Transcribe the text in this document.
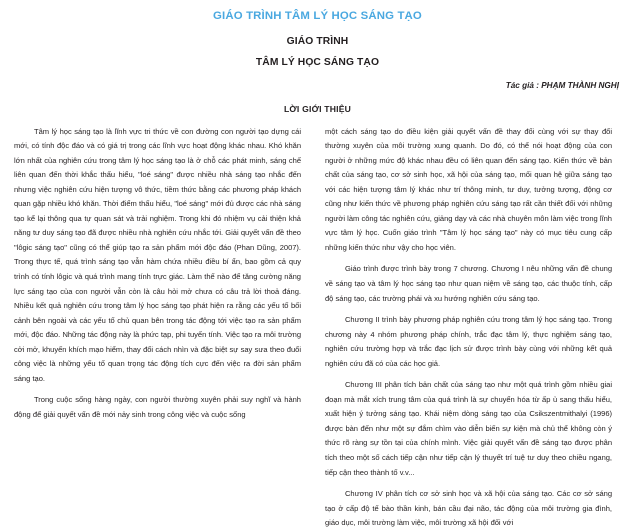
GIÁO TRÌNH TÂM LÝ HỌC SÁNG TẠO
GIÁO TRÌNH
TÂM LÝ HỌC SÁNG TẠO
Tác giả : PHẠM THÀNH NGHỊ
LỜI GIỚI THIỆU

Tâm lý học sáng tạo là lĩnh vực tri thức về con đường con người tạo dựng cái mới, có tính độc đáo và có giá trị trong các lĩnh vực hoạt động khác nhau. Khó khăn lớn nhất của nghiên cứu trong tâm lý học sáng tạo là ở chỗ các phát minh, sáng chế liên quan đến thời khắc thấu hiểu, "loé sáng" được nhiều nhà sáng tạo nhắc đến nhưng việc nghiên cứu hiện tượng vô thức, tiềm thức bằng các phương pháp khách quan gặp nhiều khó khăn. Thời điểm thấu hiểu, "loé sáng" mới đủ được các nhà sáng tạo kể lại thông qua tự quan sát và trải nghiệm. Trong khi đó nhiệm vụ cải thiện khả năng tư duy sáng tạo đã được nhiều nhà nghiên cứu nhắc tới. Giải quyết vấn đề theo "lôgic sáng tạo" cũng có thể giúp tạo ra sản phẩm mới độc đáo (Phan Dũng, 2007). Trong thực tế, quá trình sáng tạo vẫn hàm chứa nhiều điều bí ẩn, bao gồm cả quy trình có tính lôgic và quá trình mang tính trực giác. Làm thế nào để tăng cường năng lực sáng tạo của con người vẫn còn là câu hỏi mở chưa có câu trả lời thoả đáng. Nhiều kết quả nghiên cứu trong tâm lý học sáng tạo phát hiện ra rằng các yếu tố bối cảnh bên ngoài và các yếu tố chủ quan bên trong tác động tới việc tạo ra sản phẩm mới, độc đáo. Những tác động này là phức tạp, phi tuyến tính. Việc tạo ra môi trường cởi mở, khuyến khích mạo hiểm, thay đổi cách nhìn và đặc biệt sự say sưa theo đuổi công việc là những yếu tố quan trọng tác động tích cực đến việc ra đời sản phẩm sáng tạo.

Trong cuộc sống hàng ngày, con người thường xuyên phải suy nghĩ và hành động để giải quyết vấn đề mới nảy sinh trong công việc và cuộc sống

một cách sáng tạo do điều kiện giải quyết vấn đề thay đổi cùng với sự thay đổi thường xuyên của môi trường xung quanh. Do đó, có thể nói hoạt động của con người ở những mức độ khác nhau đều có liên quan đến sáng tạo. Kiến thức về bản chất của sáng tạo, cơ sở sinh học, xã hội của sáng tạo, mối quan hệ giữa sáng tạo với các hiện tượng tâm lý khác như trí thông minh, tư duy, tưởng tượng, động cơ cũng như kiến thức về phương pháp nghiên cứu sáng tạo rất cần thiết đối với những người làm công tác nghiên cứu, giảng dạy và các nhà chuyên môn làm việc trong lĩnh vực tâm lý học. Cuốn giáo trình "Tâm lý học sáng tạo" này có mục tiêu cung cấp những kiến thức như vậy cho học viên.

Giáo trình được trình bày trong 7 chương. Chương I nêu những vấn đề chung về sáng tạo và tâm lý học sáng tạo như quan niệm về sáng tạo, các thuộc tính, cấp độ sáng tạo, các trường phái và xu hướng nghiên cứu sáng tạo.

Chương II trình bày phương pháp nghiên cứu trong tâm lý học sáng tạo. Trong chương này 4 nhóm phương pháp chính, trắc đạc tâm lý, thực nghiệm sáng tạo, nghiên cứu trường hợp và trắc đạc lịch sử được trình bày cùng với những kết quả nghiên cứu đã có của các học giả.

Chương III phân tích bản chất của sáng tạo như một quá trình gồm nhiều giai đoạn mà mắt xích trung tâm của quá trình là sự chuyển hóa từ ấp ủ sang thấu hiểu, xuất hiện ý tưởng sáng tạo. Khái niệm dòng sáng tạo của Csikszentmithalyi (1996) được bàn đến như một sự đắm chìm vào diễn biến sự kiện mà chủ thể không còn ý thức rõ ràng sự tồn tại của chính mình. Việc giải quyết vấn đề sáng tạo được phân tích theo một số cách tiếp cận như tiếp cận lý thuyết trí tuệ tư duy theo chiều ngang, tiếp cận theo thành tố v.v...

Chương IV phân tích cơ sở sinh học và xã hội của sáng tạo. Các cơ sở sáng tạo ở cấp độ tế bào thần kinh, bán cầu đại não, tác động của môi trường gia đình, giáo dục, môi trường làm việc, môi trường xã hội đối với
